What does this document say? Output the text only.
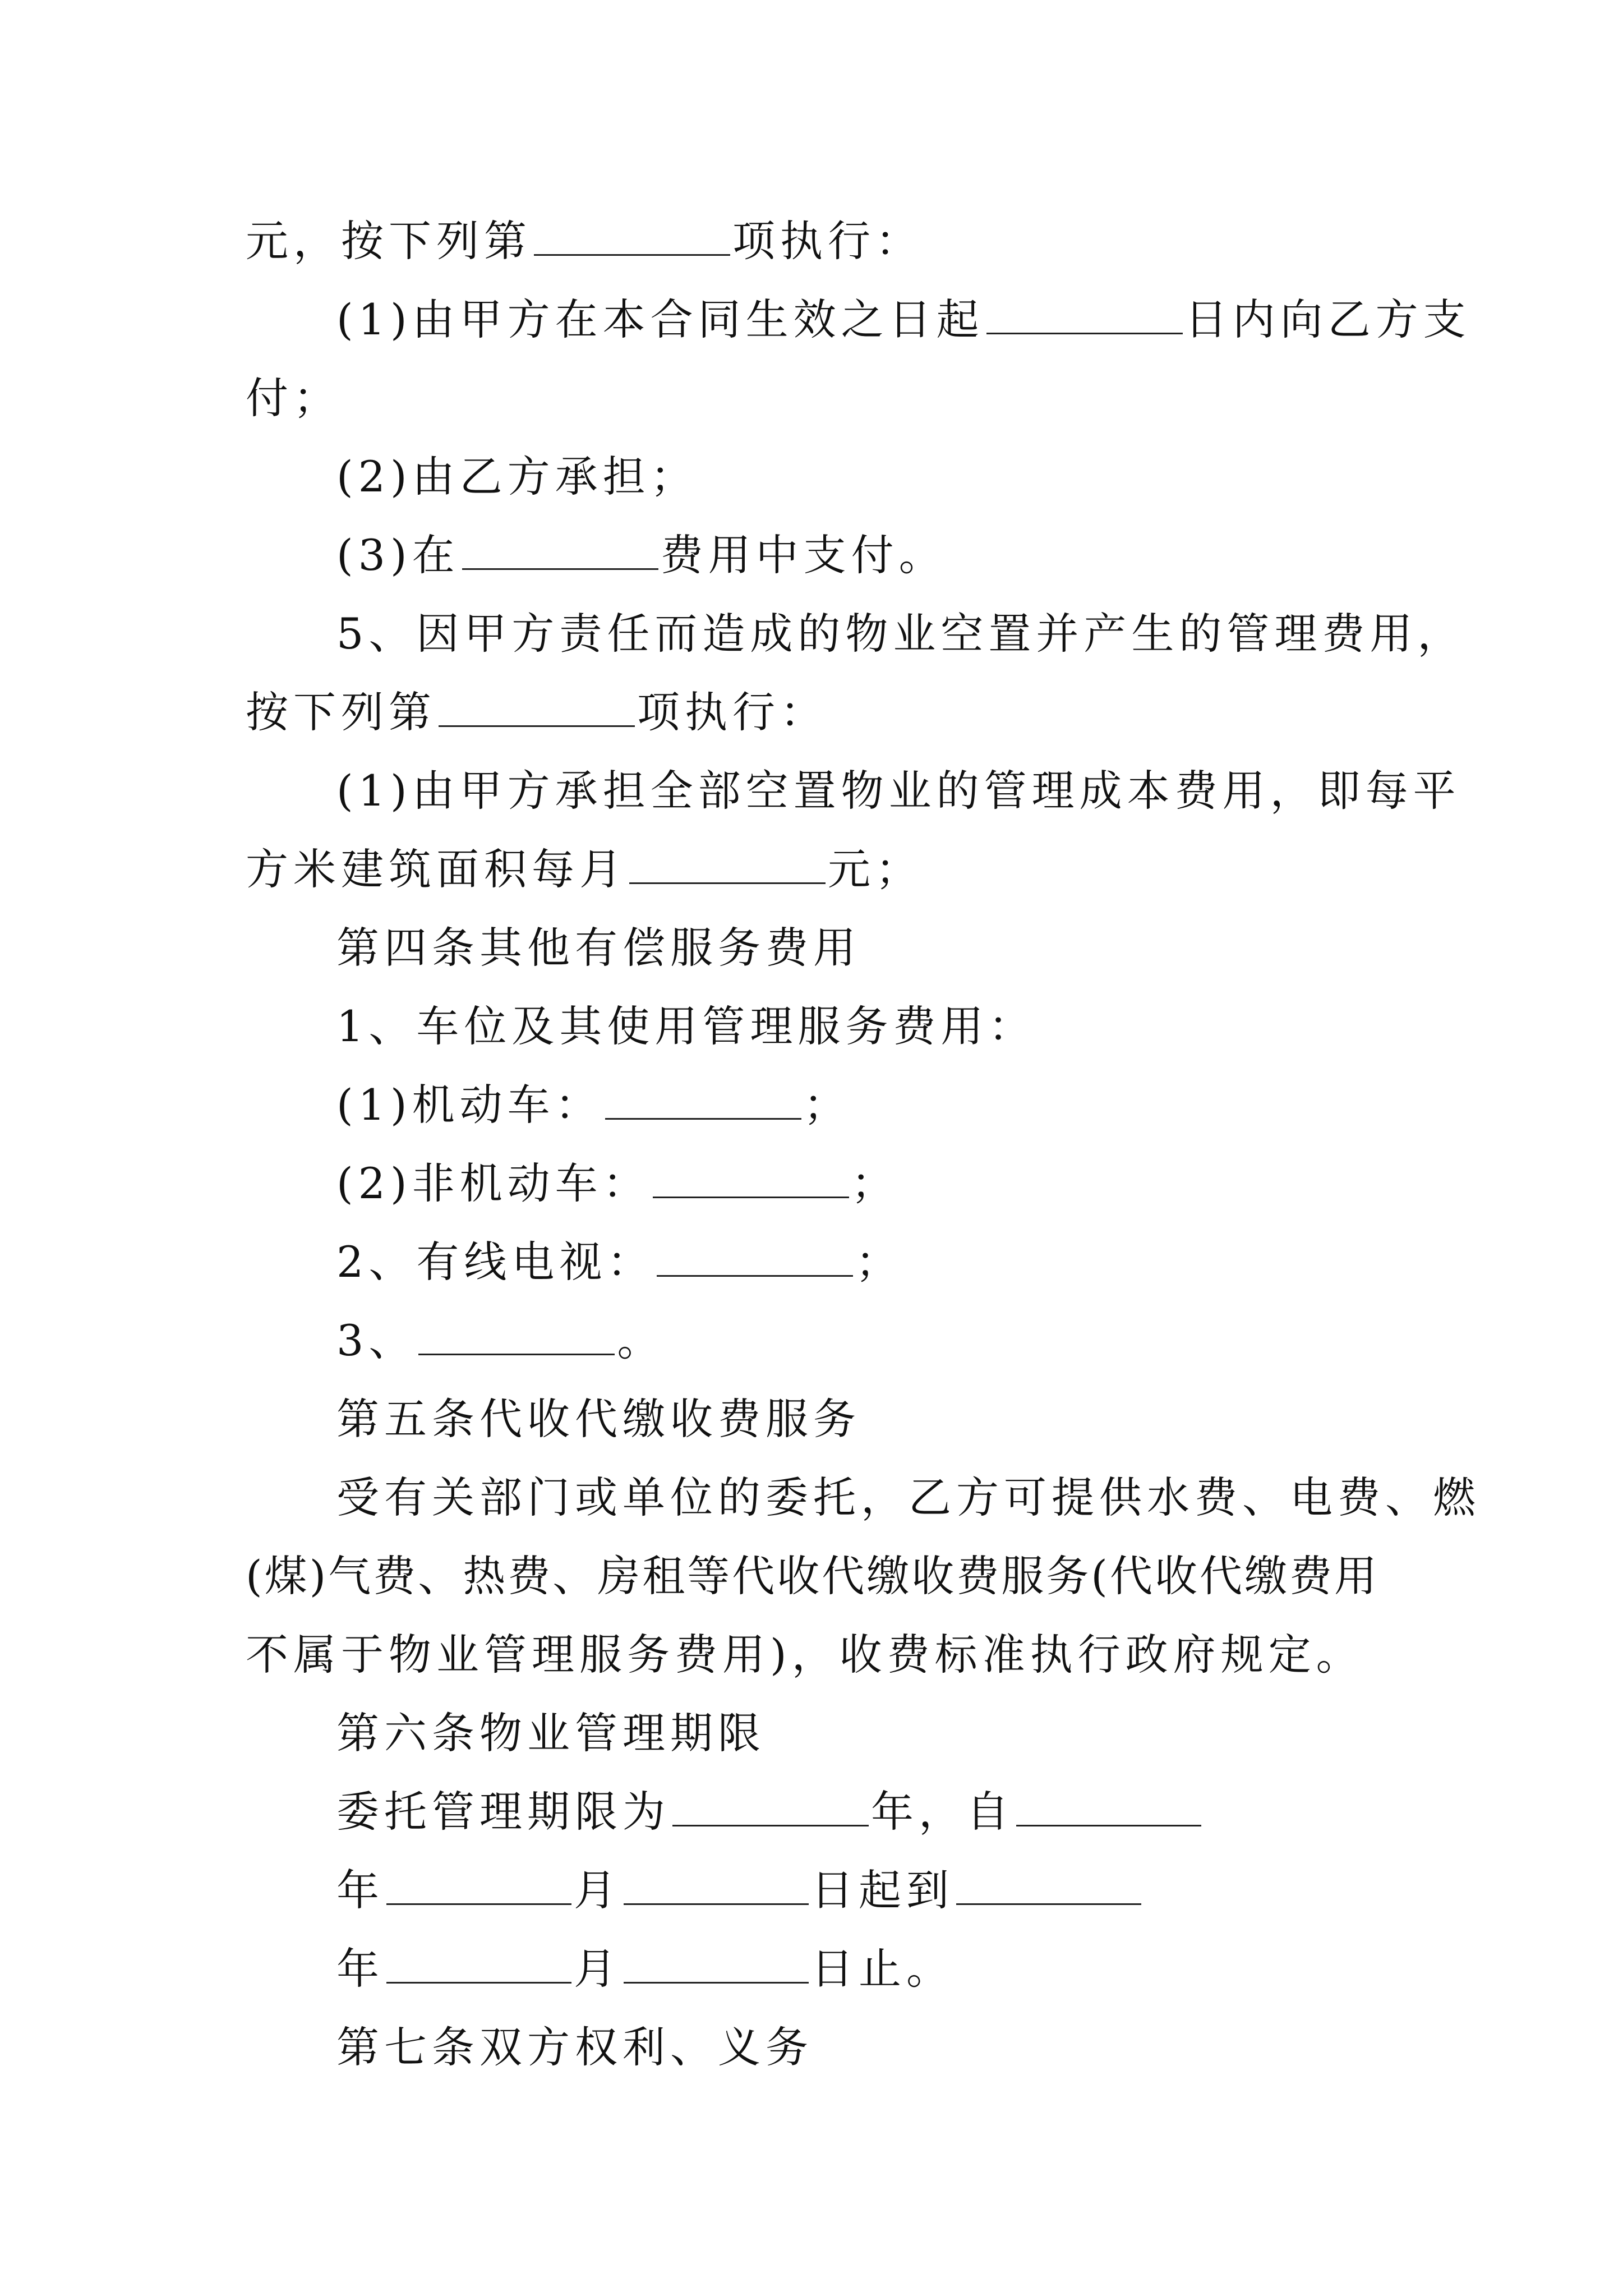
元，按下列第	项执行：
(1)由甲方在本合同生效之日起	日内向乙方支
付；
(2)由乙方承担；
(3)在	费用中支付。
5、因甲方责任而造成的物业空置并产生的管理费用，
按下列第	项执行：
(1)由甲方承担全部空置物业的管理成本费用，即每平
方米建筑面积每月	元；
第四条其他有偿服务费用
1、车位及其使用管理服务费用：
(1)机动车：	；
(2)非机动车：	；
2、有线电视：	；
3、	。
第五条代收代缴收费服务
受有关部门或单位的委托，乙方可提供水费、电费、燃
(煤)气费、热费、房租等代收代缴收费服务(代收代缴费用
不属于物业管理服务费用)，收费标准执行政府规定。
第六条物业管理期限
委托管理期限为	年，自
年	月	日起到
年	月	日止。
第七条双方权利、义务
